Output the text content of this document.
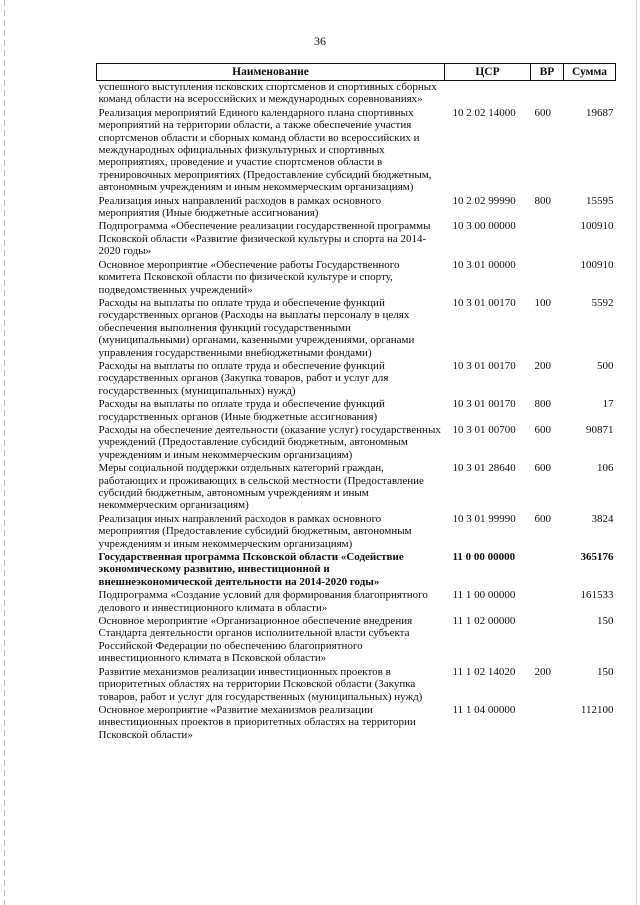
36
Наименование	ЦСР	ВР	Сумма
успешного выступления псковских спортсменов и спортивных сборных команд области на всероссийских и международных соревнованиях»			
Реализация мероприятий Единого календарного плана спортивных мероприятий на территории области, а также обеспечение участия спортсменов области и сборных команд области во всероссийских и международных официальных физкультурных и спортивных мероприятиях, проведение и участие спортсменов области в тренировочных мероприятиях (Предоставление субсидий бюджетным, автономным учреждениям и иным некоммерческим организациям)	10 2 02 14000	600	19687
Реализация иных направлений расходов в рамках основного мероприятия (Иные бюджетные ассигнования)	10 2 02 99990	800	15595
Подпрограмма «Обеспечение реализации государственной программы Псковской области «Развитие физической культуры и спорта на 2014-2020 годы»	10 3 00 00000		100910
Основное мероприятие «Обеспечение работы Государственного комитета Псковской области по физической культуре и спорту, подведомственных учреждений»	10 3 01 00000		100910
Расходы на выплаты по оплате труда и обеспечение функций государственных органов (Расходы на выплаты персоналу в целях обеспечения выполнения функций государственными (муниципальными) органами, казенными учреждениями, органами управления государственными внебюджетными фондами)	10 3 01 00170	100	5592
Расходы на выплаты по оплате труда и обеспечение функций государственных органов (Закупка товаров, работ и услуг для государственных (муниципальных) нужд)	10 3 01 00170	200	500
Расходы на выплаты по оплате труда и обеспечение функций государственных органов (Иные бюджетные ассигнования)	10 3 01 00170	800	17
Расходы на обеспечение деятельности (оказание услуг) государственных учреждений (Предоставление субсидий бюджетным, автономным учреждениям и иным некоммерческим организациям)	10 3 01 00700	600	90871
Меры социальной поддержки отдельных категорий граждан, работающих и проживающих в сельской местности (Предоставление субсидий бюджетным, автономным учреждениям и иным некоммерческим организациям)	10 3 01 28640	600	106
Реализация иных направлений расходов в рамках основного мероприятия (Предоставление субсидий бюджетным, автономным учреждениям и иным некоммерческим организациям)	10 3 01 99990	600	3824
Государственная программа Псковской области «Содействие экономическому развитию, инвестиционной и внешнеэкономической деятельности на 2014-2020 годы»	11 0 00 00000		365176
Подпрограмма «Создание условий для формирования благоприятного делового и инвестиционного климата в области»	11 1 00 00000		161533
Основное мероприятие «Организационное обеспечение внедрения Стандарта деятельности органов исполнительной власти субъекта Российской Федерации по обеспечению благоприятного инвестиционного климата в Псковской области»	11 1 02 00000		150
Развитие механизмов реализации инвестиционных проектов в приоритетных областях на территории Псковской области (Закупка товаров, работ и услуг для государственных (муниципальных) нужд)	11 1 02 14020	200	150
Основное мероприятие «Развитие механизмов реализации инвестиционных проектов в приоритетных областях на территории Псковской области»	11 1 04 00000		112100
